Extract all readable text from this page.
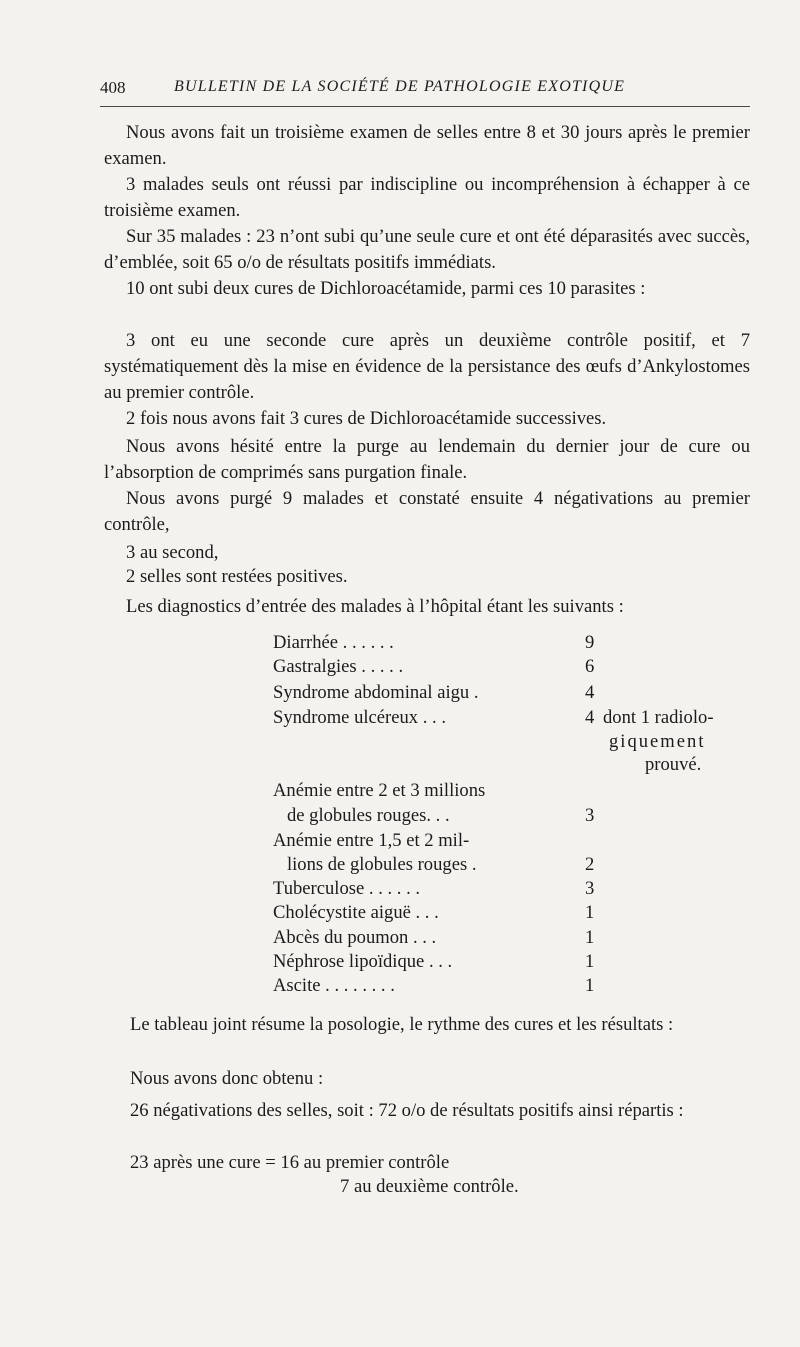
408	BULLETIN DE LA SOCIÉTÉ DE PATHOLOGIE EXOTIQUE

Nous avons fait un troisième examen de selles entre 8 et 30 jours après le premier examen.

3 malades seuls ont réussi par indiscipline ou incompréhension à échapper à ce troisième examen.

Sur 35 malades : 23 n’ont subi qu’une seule cure et ont été déparasités avec succès, d’emblée, soit 65 o/o de résultats positifs immédiats.

10 ont subi deux cures de Dichloroacétamide, parmi ces 10 parasites :

3 ont eu une seconde cure après un deuxième contrôle positif, et 7 systématiquement dès la mise en évidence de la persistance des œufs d’Ankylostomes au premier contrôle.

2 fois nous avons fait 3 cures de Dichloroacétamide successives.

Nous avons hésité entre la purge au lendemain du dernier jour de cure ou l’absorption de comprimés sans purgation finale.

Nous avons purgé 9 malades et constaté ensuite 4 négativations au premier contrôle,

3 au second,
2 selles sont restées positives.

Les diagnostics d’entrée des malades à l’hôpital étant les suivants :

Diarrhée . . . . . .	9
Gastralgies . . . . .	6
Syndrome abdominal aigu .	4
Syndrome ulcéreux . . .	4 dont 1 radiolo-
giquement
prouvé.
Anémie entre 2 et 3 millions
de globules rouges. . .	3
Anémie entre 1,5 et 2 mil-
lions de globules rouges .	2
Tuberculose . . . . . .	3
Cholécystite aiguë . . .	1
Abcès du poumon . . .	1
Néphrose lipoïdique . . .	1
Ascite . . . . . . . .	1

Le tableau joint résume la posologie, le rythme des cures et les résultats :

Nous avons donc obtenu :

26 négativations des selles, soit : 72 o/o de résultats positifs ainsi répartis :

23 après une cure = 16 au premier contrôle
7 au deuxième contrôle.
